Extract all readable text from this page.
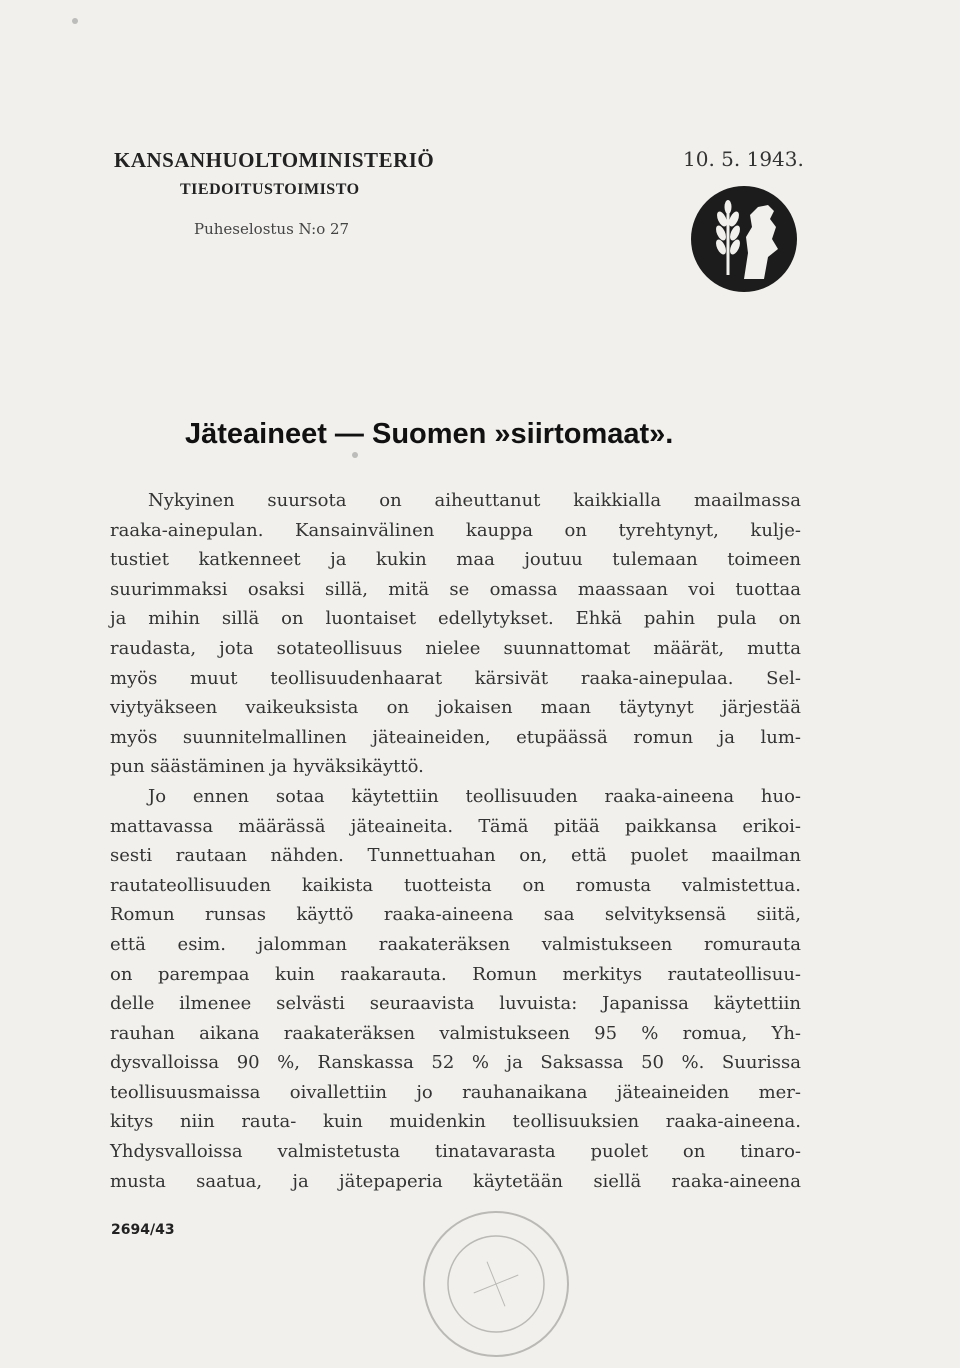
KANSANHUOLTOMINISTERIÖ
TIEDOITUSTOIMISTO
Puheselostus N:o 27
10. 5. 1943.
Jäteaineet — Suomen »siirtomaat».
Nykyinen suursota on aiheuttanut kaikkialla maailmassa
raaka-ainepulan. Kansainvälinen kauppa on tyrehtynyt, kulje-
tustiet katkenneet ja kukin maa joutuu tulemaan toimeen
suurimmaksi osaksi sillä, mitä se omassa maassaan voi tuottaa
ja mihin sillä on luontaiset edellytykset. Ehkä pahin pula on
raudasta, jota sotateollisuus nielee suunnattomat määrät, mutta
myös muut teollisuudenhaarat kärsivät raaka-ainepulaa. Sel-
viytyäkseen vaikeuksista on jokaisen maan täytynyt järjestää
myös suunnitelmallinen jäteaineiden, etupäässä romun ja lum-
pun säästäminen ja hyväksikäyttö.
Jo ennen sotaa käytettiin teollisuuden raaka-aineena huo-
mattavassa määrässä jäteaineita. Tämä pitää paikkansa erikoi-
sesti rautaan nähden. Tunnettuahan on, että puolet maailman
rautateollisuuden kaikista tuotteista on romusta valmistettua.
Romun runsas käyttö raaka-aineena saa selvityksensä siitä,
että esim. jalomman raakateräksen valmistukseen romurauta
on parempaa kuin raakarauta. Romun merkitys rautateollisuu-
delle ilmenee selvästi seuraavista luvuista: Japanissa käytettiin
rauhan aikana raakateräksen valmistukseen 95 % romua, Yh-
dysvalloissa 90 %, Ranskassa 52 % ja Saksassa 50 %. Suurissa
teollisuusmaissa oivallettiin jo rauhanaikana jäteaineiden mer-
kitys niin rauta- kuin muidenkin teollisuuksien raaka-aineena.
Yhdysvalloissa valmistetusta tinatavarasta puolet on tinaro-
musta saatua, ja jätepaperia käytetään siellä raaka-aineena
2694/43
